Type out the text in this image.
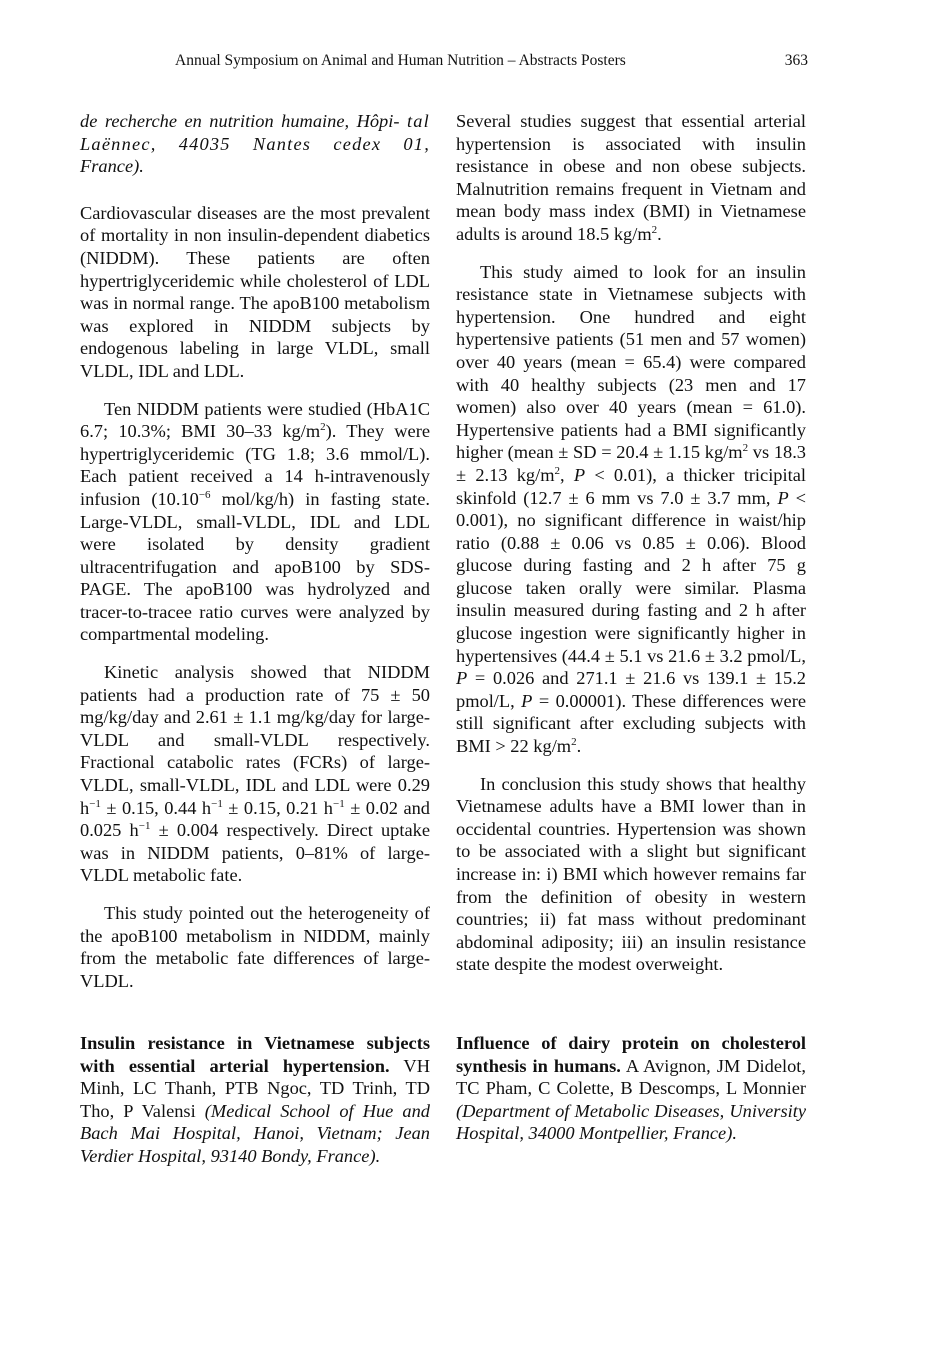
Annual Symposium on Animal and Human Nutrition – Abstracts Posters	363

de recherche en nutrition humaine, Hôpi- tal Laënnec, 44035 Nantes cedex 01, France).

Cardiovascular diseases are the most prevalent of mortality in non insulin-dependent diabetics (NIDDM). These patients are often hypertriglyceridemic while cholesterol of LDL was in normal range. The apoB100 metabolism was explored in NIDDM subjects by endogenous labeling in large VLDL, small VLDL, IDL and LDL.

Ten NIDDM patients were studied (HbA1C 6.7; 10.3%; BMI 30–33 $kg/m^2$). They were hypertriglyceridemic (TG 1.8; 3.6 mmol/L). Each patient received a 14 h-intravenously infusion ($10.10^{-6}$ mol/kg/h) in fasting state. Large-VLDL, small-VLDL, IDL and LDL were isolated by density gradient ultracentrifugation and apoB100 by SDS-PAGE. The apoB100 was hydrolyzed and tracer-to-tracee ratio curves were analyzed by compartmental modeling.

Kinetic analysis showed that NIDDM patients had a production rate of 75 ± 50 mg/kg/day and 2.61 ± 1.1 mg/kg/day for large-VLDL and small-VLDL respectively. Fractional catabolic rates (FCRs) of large-VLDL, small-VLDL, IDL and LDL were 0.29 $h^{-1} \pm 0.15$, 0.44 $h^{-1} \pm 0.15$, 0.21 $h^{-1} \pm 0.02$ and 0.025 $h^{-1} \pm 0.004$ respectively. Direct uptake was in NIDDM patients, 0–81% of large-VLDL metabolic fate.

This study pointed out the heterogeneity of the apoB100 metabolism in NIDDM, mainly from the metabolic fate differences of large-VLDL.

Several studies suggest that essential arterial hypertension is associated with insulin resistance in obese and non obese subjects. Malnutrition remains frequent in Vietnam and mean body mass index (BMI) in Vietnamese adults is around 18.5 $kg/m^2$.

This study aimed to look for an insulin resistance state in Vietnamese subjects with hypertension. One hundred and eight hypertensive patients (51 men and 57 women) over 40 years (mean = 65.4) were compared with 40 healthy subjects (23 men and 17 women) also over 40 years (mean = 61.0). Hypertensive patients had a BMI significantly higher (mean ± SD = 20.4 ± 1.15 $kg/m^2$ vs 18.3 ± 2.13 $kg/m^2$, P < 0.01), a thicker tricipital skinfold (12.7 ± 6 mm vs 7.0 ± 3.7 mm, P < 0.001), no significant difference in waist/hip ratio (0.88 ± 0.06 vs 0.85 ± 0.06). Blood glucose during fasting and 2 h after 75 g glucose taken orally were similar. Plasma insulin measured during fasting and 2 h after glucose ingestion were significantly higher in hypertensives (44.4 ± 5.1 vs 21.6 ± 3.2 pmol/L, P = 0.026 and 271.1 ± 21.6 vs 139.1 ± 15.2 pmol/L, P = 0.00001). These differences were still significant after excluding subjects with BMI > 22 $kg/m^2$.

In conclusion this study shows that healthy Vietnamese adults have a BMI lower than in occidental countries. Hypertension was shown to be associated with a slight but significant increase in: i) BMI which however remains far from the definition of obesity in western countries; ii) fat mass without predominant abdominal adiposity; iii) an insulin resistance state despite the modest overweight.

Insulin resistance in Vietnamese subjects with essential arterial hypertension. VH Minh, LC Thanh, PTB Ngoc, TD Trinh, TD Tho, P Valensi (Medical School of Hue and Bach Mai Hospital, Hanoi, Vietnam; Jean Verdier Hospital, 93140 Bondy, France).
Influence of dairy protein on cholesterol synthesis in humans. A Avignon, JM Didelot, TC Pham, C Colette, B Descomps, L Monnier (Department of Metabolic Diseases, University Hospital, 34000 Montpellier, France).
